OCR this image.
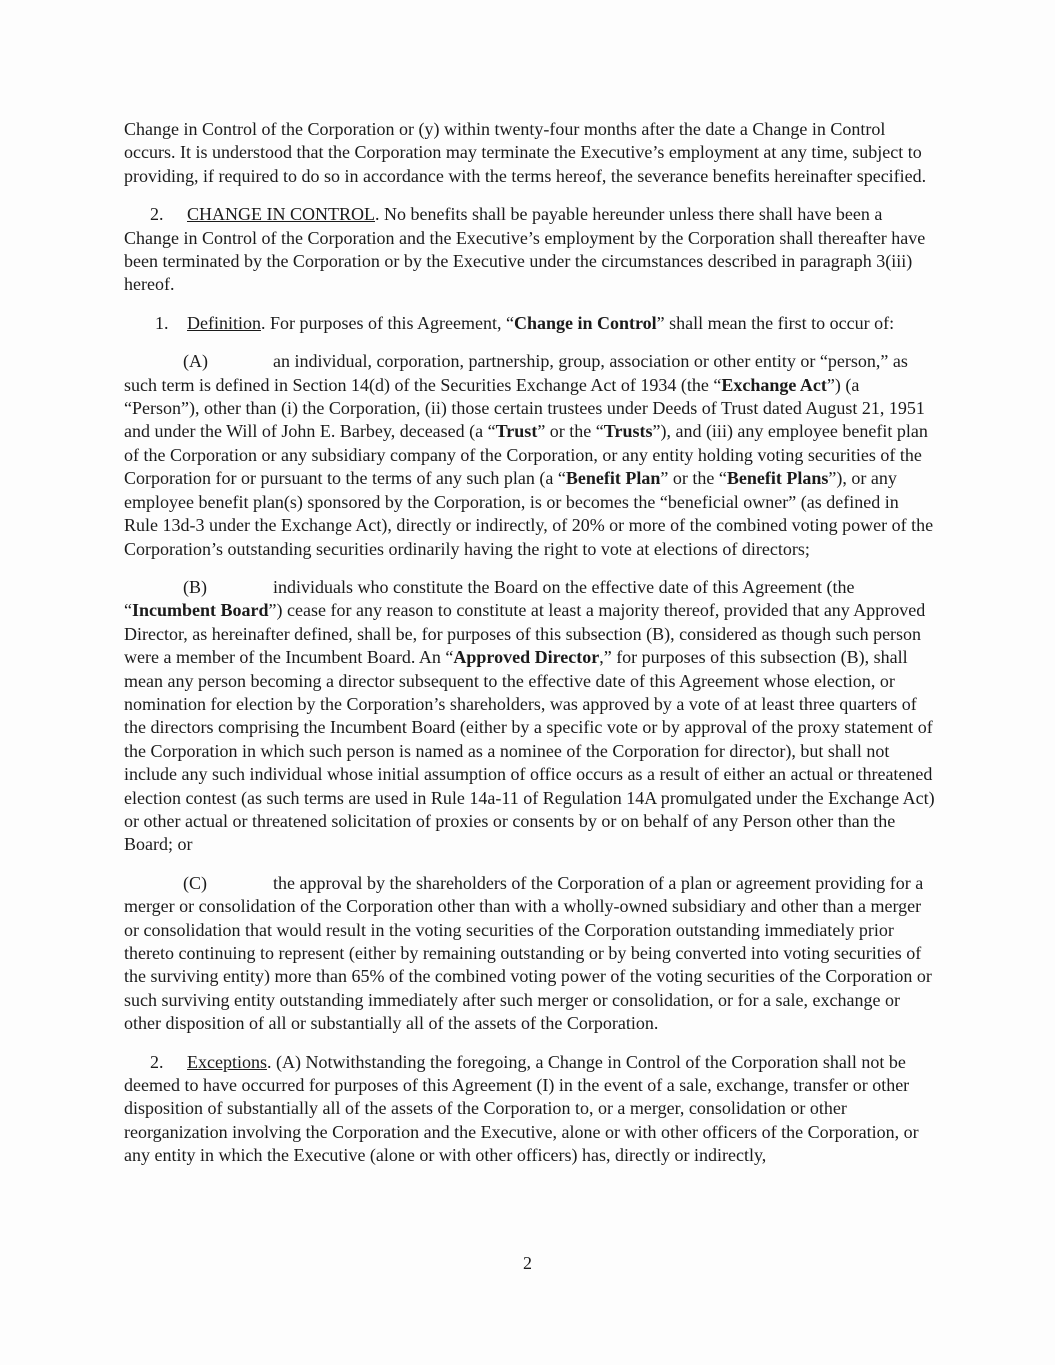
Change in Control of the Corporation or (y) within twenty-four months after the date a Change in Control occurs. It is understood that the Corporation may terminate the Executive’s employment at any time, subject to providing, if required to do so in accordance with the terms hereof, the severance benefits hereinafter specified.

2. CHANGE IN CONTROL. No benefits shall be payable hereunder unless there shall have been a Change in Control of the Corporation and the Executive’s employment by the Corporation shall thereafter have been terminated by the Corporation or by the Executive under the circumstances described in paragraph 3(iii) hereof.

1. Definition. For purposes of this Agreement, “Change in Control” shall mean the first to occur of:

(A)	an individual, corporation, partnership, group, association or other entity or “person,” as such term is defined in Section 14(d) of the Securities Exchange Act of 1934 (the “Exchange Act”) (a “Person”), other than (i) the Corporation, (ii) those certain trustees under Deeds of Trust dated August 21, 1951 and under the Will of John E. Barbey, deceased (a “Trust” or the “Trusts”), and (iii) any employee benefit plan of the Corporation or any subsidiary company of the Corporation, or any entity holding voting securities of the Corporation for or pursuant to the terms of any such plan (a “Benefit Plan” or the “Benefit Plans”), or any employee benefit plan(s) sponsored by the Corporation, is or becomes the “beneficial owner” (as defined in Rule 13d-3 under the Exchange Act), directly or indirectly, of 20% or more of the combined voting power of the Corporation’s outstanding securities ordinarily having the right to vote at elections of directors;

(B)	individuals who constitute the Board on the effective date of this Agreement (the “Incumbent Board”) cease for any reason to constitute at least a majority thereof, provided that any Approved Director, as hereinafter defined, shall be, for purposes of this subsection (B), considered as though such person were a member of the Incumbent Board. An “Approved Director,” for purposes of this subsection (B), shall mean any person becoming a director subsequent to the effective date of this Agreement whose election, or nomination for election by the Corporation’s shareholders, was approved by a vote of at least three quarters of the directors comprising the Incumbent Board (either by a specific vote or by approval of the proxy statement of the Corporation in which such person is named as a nominee of the Corporation for director), but shall not include any such individual whose initial assumption of office occurs as a result of either an actual or threatened election contest (as such terms are used in Rule 14a-11 of Regulation 14A promulgated under the Exchange Act) or other actual or threatened solicitation of proxies or consents by or on behalf of any Person other than the Board; or

(C)	the approval by the shareholders of the Corporation of a plan or agreement providing for a merger or consolidation of the Corporation other than with a wholly-owned subsidiary and other than a merger or consolidation that would result in the voting securities of the Corporation outstanding immediately prior thereto continuing to represent (either by remaining outstanding or by being converted into voting securities of the surviving entity) more than 65% of the combined voting power of the voting securities of the Corporation or such surviving entity outstanding immediately after such merger or consolidation, or for a sale, exchange or other disposition of all or substantially all of the assets of the Corporation.

2. Exceptions. (A) Notwithstanding the foregoing, a Change in Control of the Corporation shall not be deemed to have occurred for purposes of this Agreement (I) in the event of a sale, exchange, transfer or other disposition of substantially all of the assets of the Corporation to, or a merger, consolidation or other reorganization involving the Corporation and the Executive, alone or with other officers of the Corporation, or any entity in which the Executive (alone or with other officers) has, directly or indirectly,

2
